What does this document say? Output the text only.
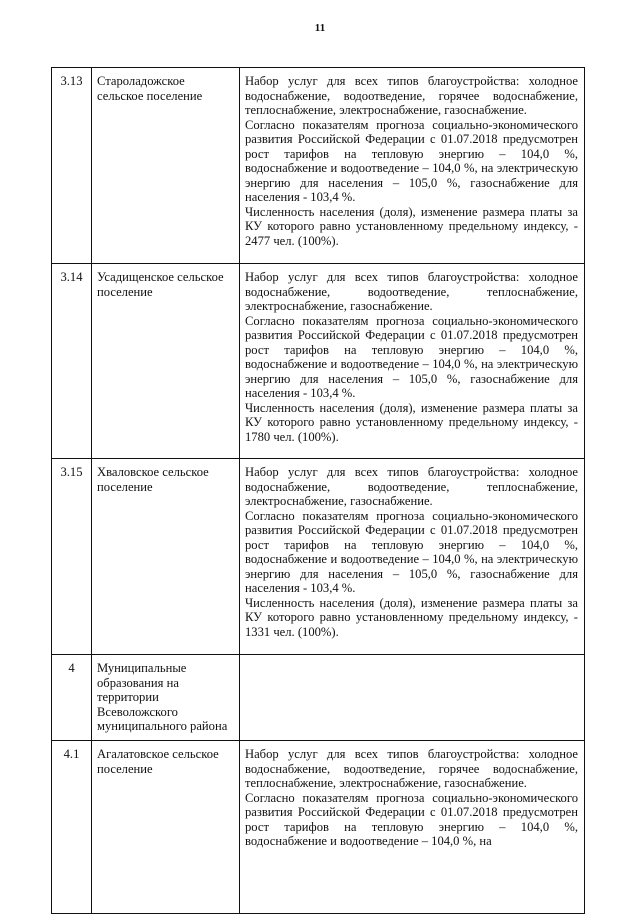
11
3.13	Староладожское сельское поселение	Набор услуг для всех типов благоустройства: холодное водоснабжение, водоотведение, горячее водоснабжение, теплоснабжение, электроснабжение, газоснабжение.

Согласно показателям прогноза социально-экономического развития Российской Федерации с 01.07.2018 предусмотрен рост тарифов на тепловую энергию – 104,0 %, водоснабжение и водоотведение – 104,0 %, на электрическую энергию для населения – 105,0 %, газоснабжение для населения - 103,4 %.

Численность населения (доля), изменение размера платы за КУ которого равно установленному предельному индексу, - 2477 чел. (100%).

3.14	Усадищенское сельское поселение	Набор услуг для всех типов благоустройства: холодное водоснабжение, водоотведение, теплоснабжение, электроснабжение, газоснабжение.

Согласно показателям прогноза социально-экономического развития Российской Федерации с 01.07.2018 предусмотрен рост тарифов на тепловую энергию – 104,0 %, водоснабжение и водоотведение – 104,0 %, на электрическую энергию для населения – 105,0 %, газоснабжение для населения - 103,4 %.

Численность населения (доля), изменение размера платы за КУ которого равно установленному предельному индексу, - 1780 чел. (100%).

3.15	Хваловское сельское поселение	Набор услуг для всех типов благоустройства: холодное водоснабжение, водоотведение, теплоснабжение, электроснабжение, газоснабжение.

Согласно показателям прогноза социально-экономического развития Российской Федерации с 01.07.2018 предусмотрен рост тарифов на тепловую энергию – 104,0 %, водоснабжение и водоотведение – 104,0 %, на электрическую энергию для населения – 105,0 %, газоснабжение для населения - 103,4 %.

Численность населения (доля), изменение размера платы за КУ которого равно установленному предельному индексу, - 1331 чел. (100%).

4	Муниципальные образования на территории Всеволожского муниципального района	
4.1	Агалатовское сельское поселение	Набор услуг для всех типов благоустройства: холодное водоснабжение, водоотведение, горячее водоснабжение, теплоснабжение, электроснабжение, газоснабжение.

Согласно показателям прогноза социально-экономического развития Российской Федерации с 01.07.2018 предусмотрен рост тарифов на тепловую энергию – 104,0 %, водоснабжение и водоотведение – 104,0 %, на
